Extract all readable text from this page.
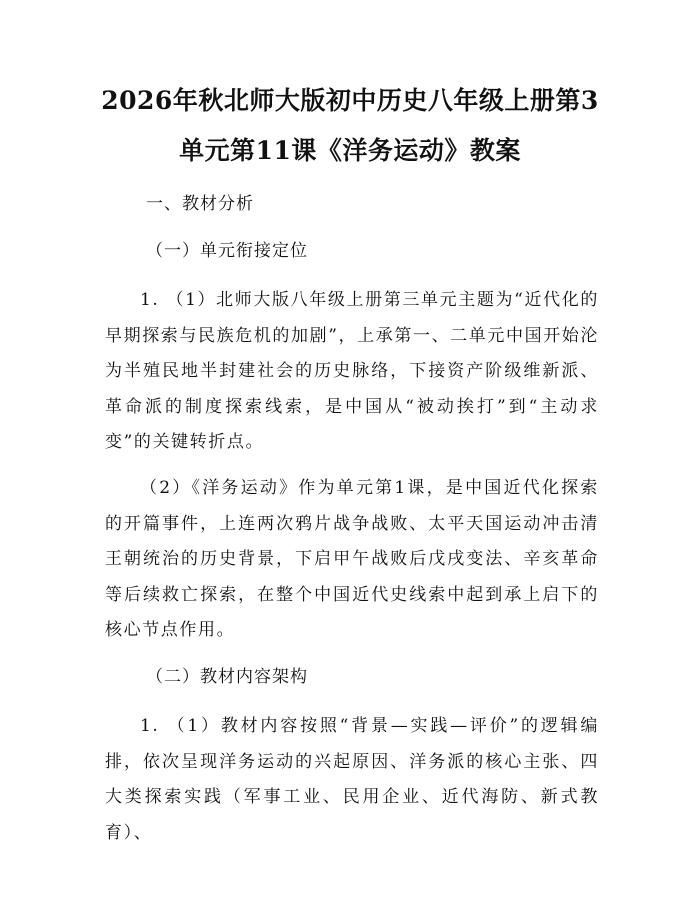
2026年秋北师大版初中历史八年级上册第3
单元第11课《洋务运动》教案

一、教材分析

（一）单元衔接定位

1. （1）北师大版八年级上册第三单元主题为“近代化的早期探索与民族危机的加剧”，上承第一、二单元中国开始沦为半殖民地半封建社会的历史脉络，下接资产阶级维新派、革命派的制度探索线索，是中国从“被动挨打”到“主动求变”的关键转折点。

（2）《洋务运动》作为单元第1课，是中国近代化探索的开篇事件，上连两次鸦片战争战败、太平天国运动冲击清王朝统治的历史背景，下启甲午战败后戊戌变法、辛亥革命等后续救亡探索，在整个中国近代史线索中起到承上启下的核心节点作用。

（二）教材内容架构

1. （1）教材内容按照“背景—实践—评价”的逻辑编排，依次呈现洋务运动的兴起原因、洋务派的核心主张、四大类探索实践（军事工业、民用企业、近代海防、新式教育）、
